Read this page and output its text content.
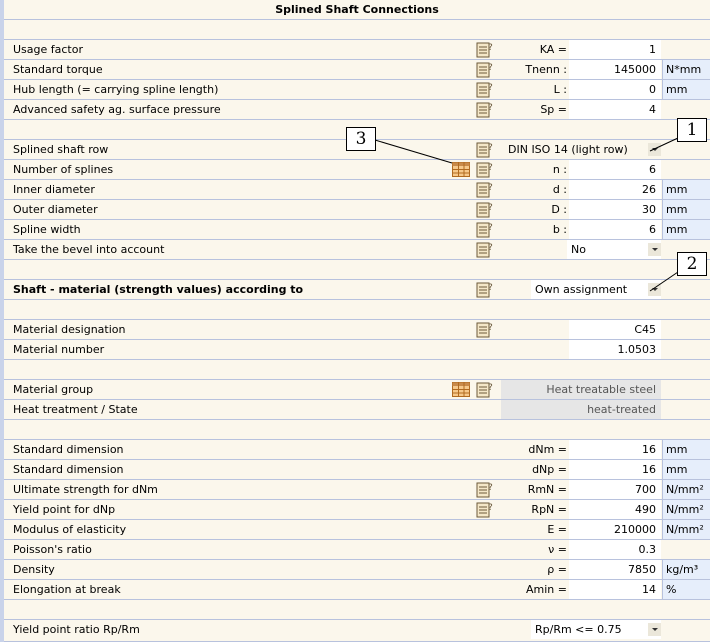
Splined Shaft Connections
Usage factor	?	KA =	1
Standard torque	?	Tnenn :	145000 N*mm
Hub length (= carrying spline length)	?	L :	0 mm
Advanced safety ag. surface pressure	?	Sp =	4
Splined shaft row	? DIN ISO 14 (light row)
Number of splines	?	n :	6
Inner diameter	?	d :	26 mm
Outer diameter	?	D :	30 mm
Spline width	?	b :	6 mm
Take the bevel into account	?	No
Shaft - material (strength values) according to	?	Own assignment
Material designation	?	C45
Material number	1.0503
Material group	?	Heat treatable steel
Heat treatment / State	heat-treated
Standard dimension	dNm =	16 mm
Standard dimension	dNp =	16 mm
Ultimate strength for dNm	?	RmN =	700 N/mm²
Yield point for dNp	?	RpN =	490 N/mm²
Modulus of elasticity	E =	210000 N/mm²
Poisson's ratio	ν =	0.3
Density	ρ =	7850 kg/m³
Elongation at break	Amin =	14 %
Yield point ratio Rp/Rm	Rp/Rm <= 0.75
1
2
3
